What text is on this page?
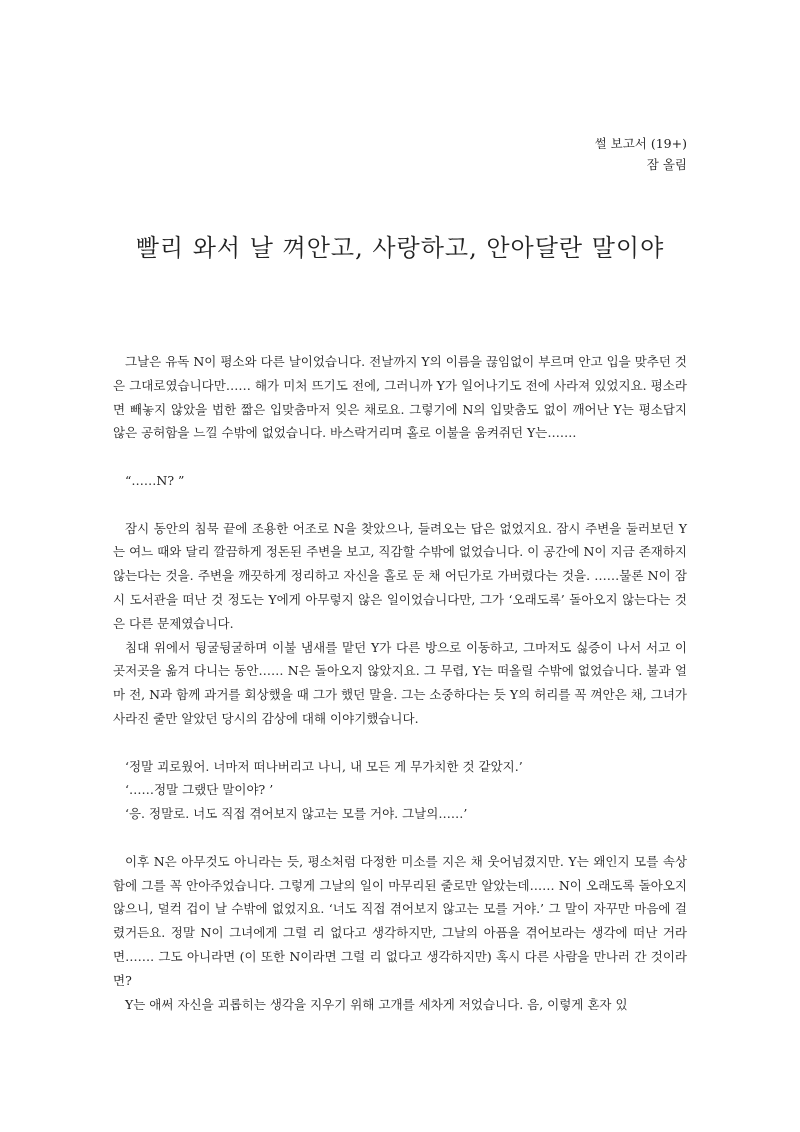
썰 보고서 (19+)
잠 올림
빨리 와서 날 껴안고, 사랑하고, 안아달란 말이야

그날은 유독 N이 평소와 다른 날이었습니다. 전날까지 Y의 이름을 끊임없이 부르며 안고 입을 맞추던 것은 그대로였습니다만…… 해가 미처 뜨기도 전에, 그러니까 Y가 일어나기도 전에 사라져 있었지요. 평소라면 빼놓지 않았을 법한 짧은 입맞춤마저 잊은 채로요. 그렇기에 N의 입맞춤도 없이 깨어난 Y는 평소답지 않은 공허함을 느낄 수밖에 없었습니다. 바스락거리며 홀로 이불을 움켜쥐던 Y는…….

“……N? ”

잠시 동안의 침묵 끝에 조용한 어조로 N을 찾았으나, 들려오는 답은 없었지요. 잠시 주변을 둘러보던 Y는 여느 때와 달리 깔끔하게 정돈된 주변을 보고, 직감할 수밖에 없었습니다. 이 공간에 N이 지금 존재하지 않는다는 것을. 주변을 깨끗하게 정리하고 자신을 홀로 둔 채 어딘가로 가버렸다는 것을. ……물론 N이 잠시 도서관을 떠난 것 정도는 Y에게 아무렇지 않은 일이었습니다만, 그가 ‘오래도록’ 돌아오지 않는다는 것은 다른 문제였습니다.

침대 위에서 뒹굴뒹굴하며 이불 냄새를 맡던 Y가 다른 방으로 이동하고, 그마저도 싫증이 나서 서고 이곳저곳을 옮겨 다니는 동안…… N은 돌아오지 않았지요. 그 무렵, Y는 떠올릴 수밖에 없었습니다. 불과 얼마 전, N과 함께 과거를 회상했을 때 그가 했던 말을. 그는 소중하다는 듯 Y의 허리를 꼭 껴안은 채, 그녀가 사라진 줄만 알았던 당시의 감상에 대해 이야기했습니다.

‘정말 괴로웠어. 너마저 떠나버리고 나니, 내 모든 게 무가치한 것 같았지.’

‘……정말 그랬단 말이야? ’

‘응. 정말로. 너도 직접 겪어보지 않고는 모를 거야. 그날의……’

이후 N은 아무것도 아니라는 듯, 평소처럼 다정한 미소를 지은 채 웃어넘겼지만. Y는 왜인지 모를 속상함에 그를 꼭 안아주었습니다. 그렇게 그날의 일이 마무리된 줄로만 알았는데…… N이 오래도록 돌아오지 않으니, 덜컥 겁이 날 수밖에 없었지요. ‘너도 직접 겪어보지 않고는 모를 거야.’ 그 말이 자꾸만 마음에 걸렸거든요. 정말 N이 그녀에게 그럴 리 없다고 생각하지만, 그날의 아픔을 겪어보라는 생각에 떠난 거라면……. 그도 아니라면 (이 또한 N이라면 그럴 리 없다고 생각하지만) 혹시 다른 사람을 만나러 간 것이라면?

Y는 애써 자신을 괴롭히는 생각을 지우기 위해 고개를 세차게 저었습니다. 음, 이렇게 혼자 있
